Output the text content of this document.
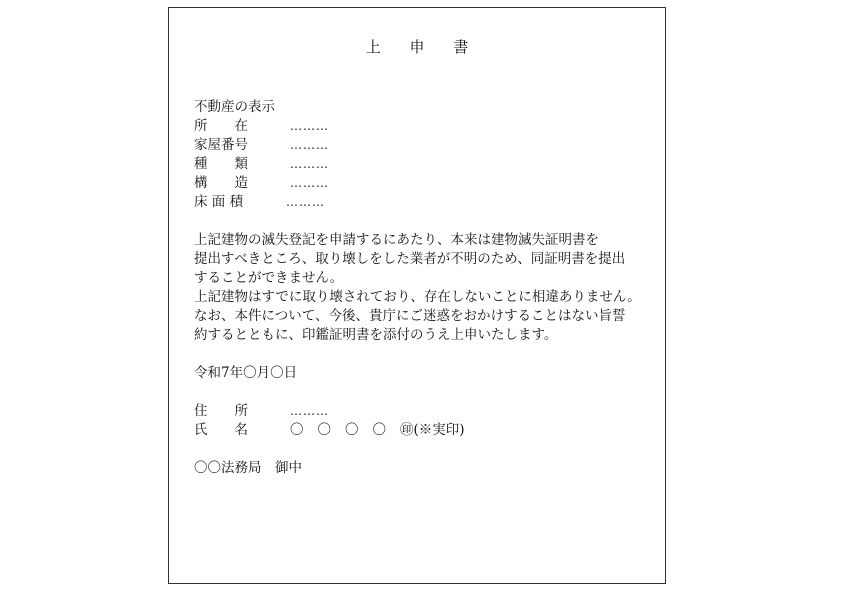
上 申 書
不動産の表示
所　　在	………
家屋番号	………
種　　類	………
構　　造	………
床 面 積	………
上記建物の滅失登記を申請するにあたり、本来は建物滅失証明書を
提出すべきところ、取り壊しをした業者が不明のため、同証明書を提出
することができません。
上記建物はすでに取り壊されており、存在しないことに相違ありません。
なお、本件について、今後、貴庁にご迷惑をおかけすることはない旨誓
約するとともに、印鑑証明書を添付のうえ上申いたします。
令和7年〇月〇日
住　　所	………
氏　　名	〇 〇 〇 〇 ㊞(※実印)
〇〇法務局　御中
